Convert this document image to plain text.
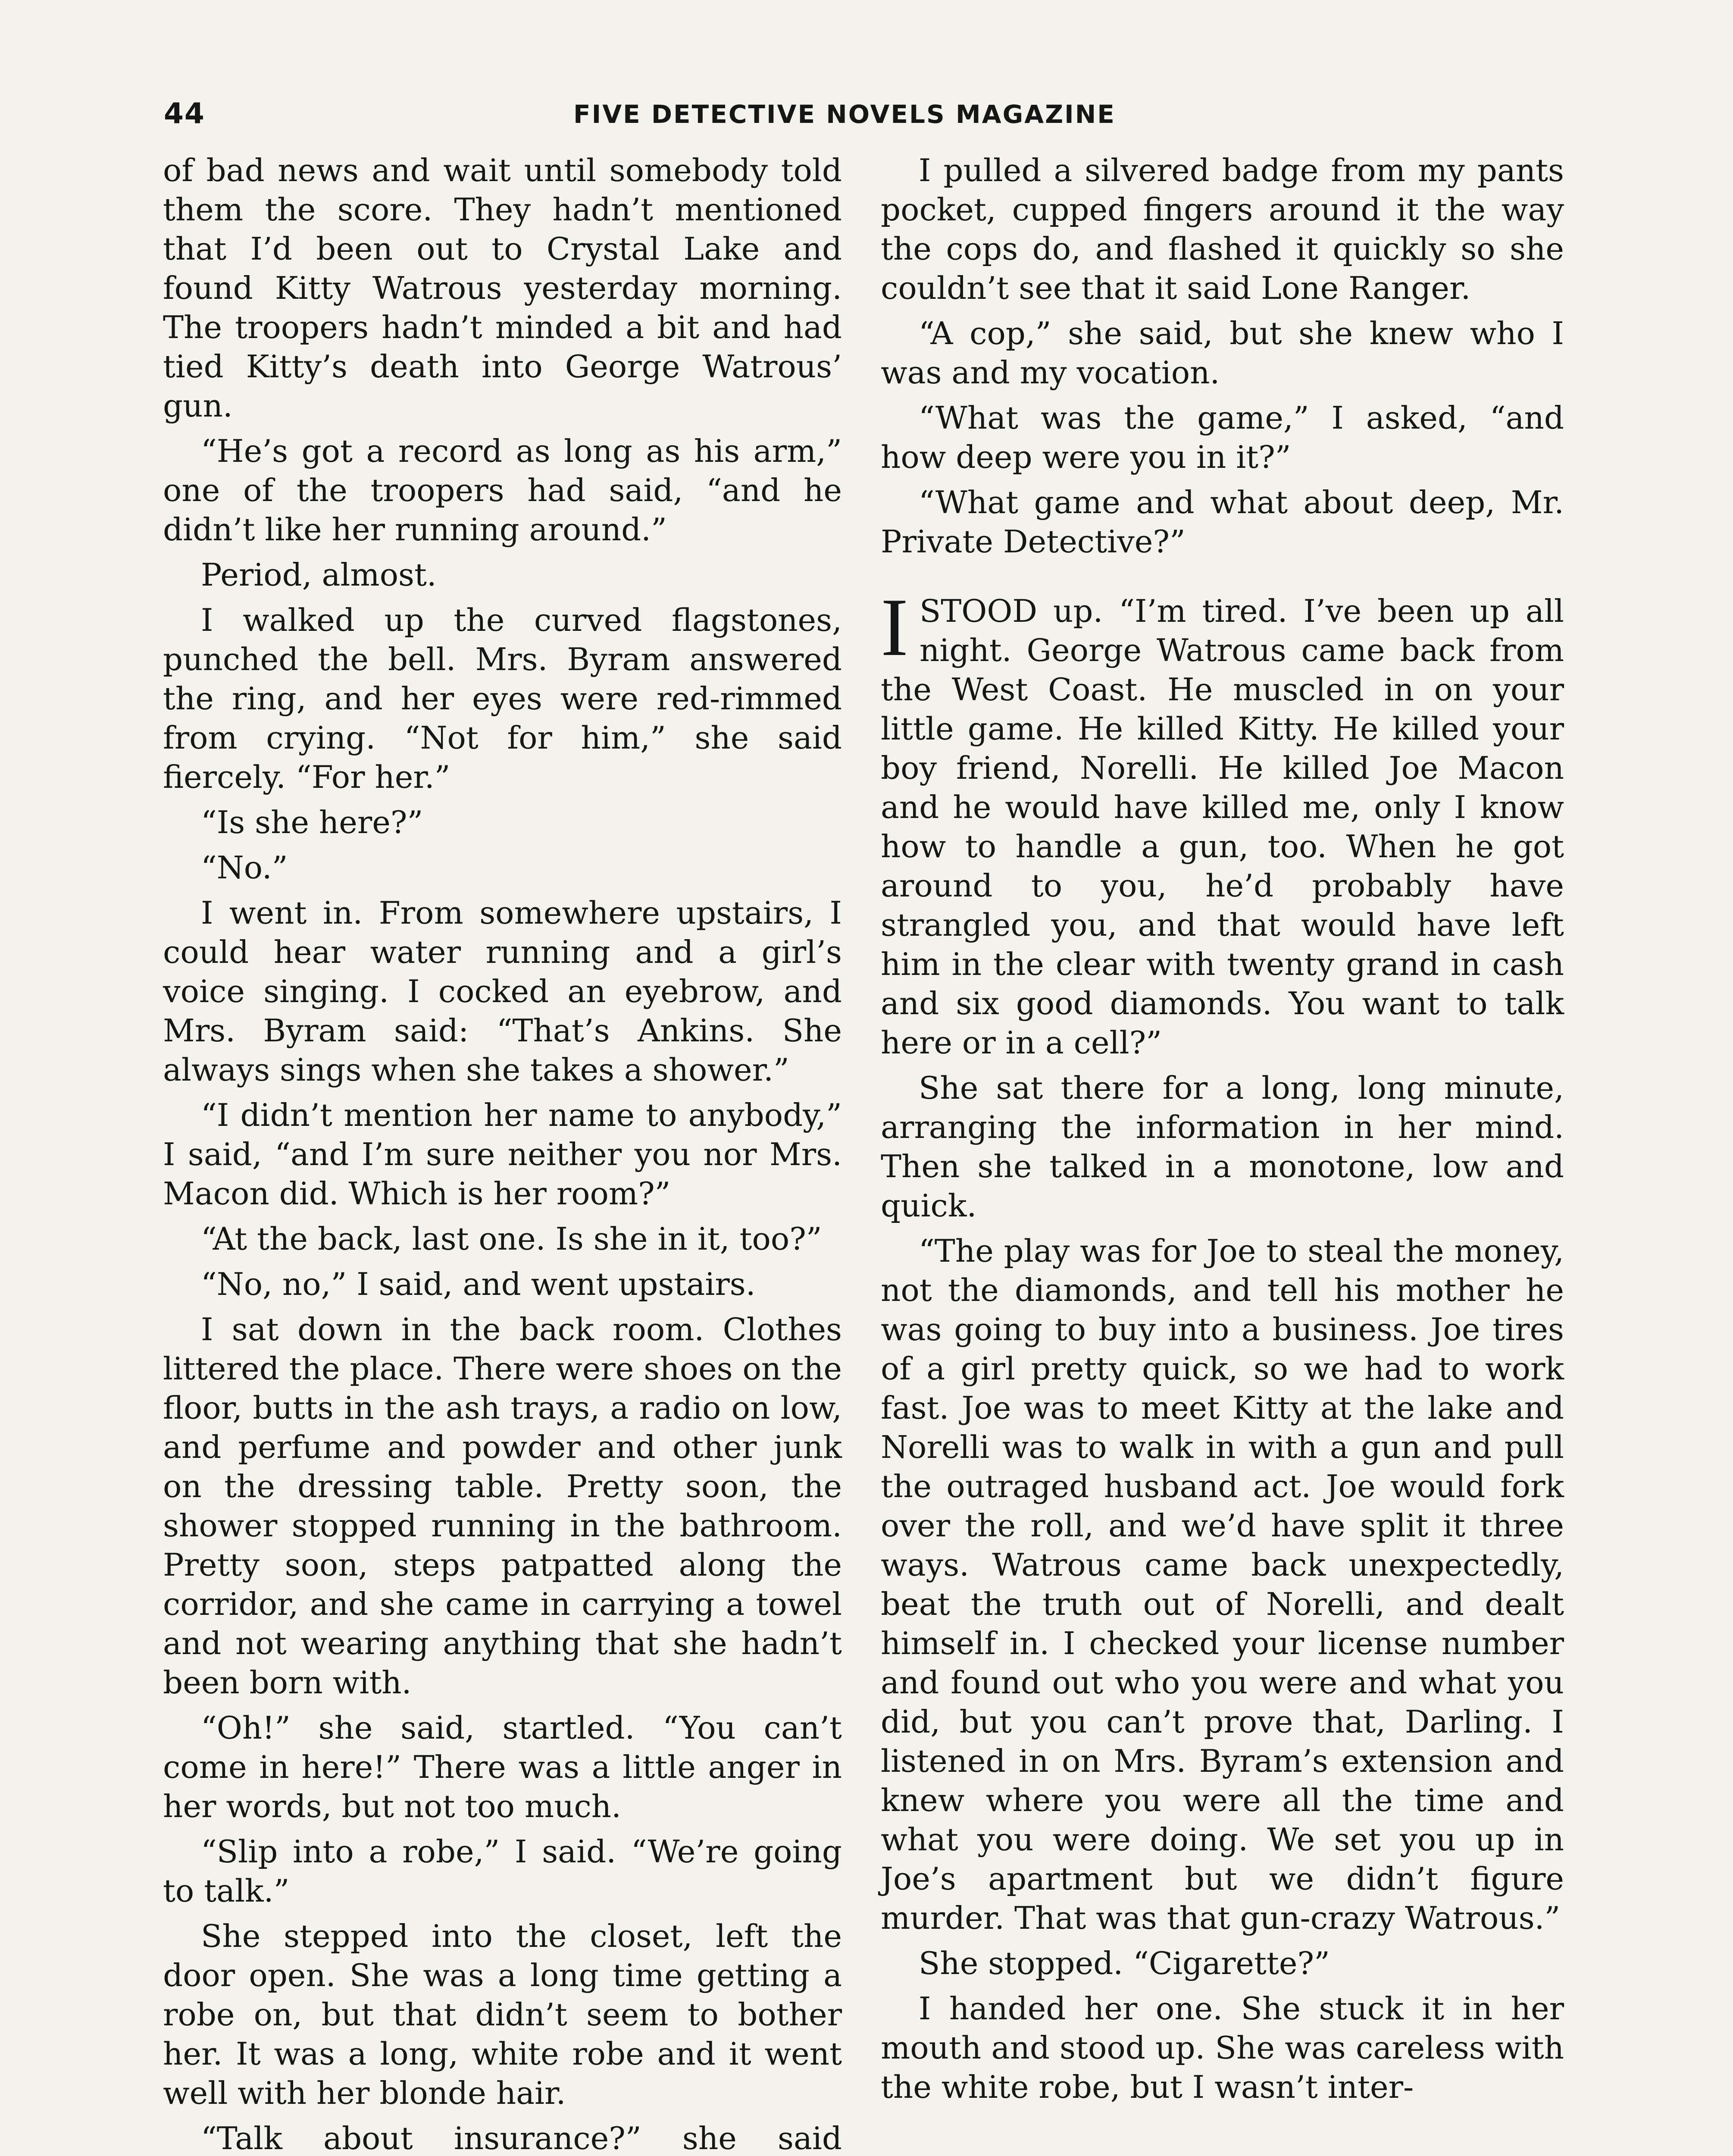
44	FIVE DETECTIVE NOVELS MAGAZINE

of bad news and wait until somebody told them the score. They hadn’t mentioned that I’d been out to Crystal Lake and found Kitty Watrous yesterday morning. The troopers hadn’t minded a bit and had tied Kitty’s death into George Watrous’ gun.

“He’s got a record as long as his arm,” one of the troopers had said, “and he didn’t like her running around.”

Period, almost.

I walked up the curved flagstones, punched the bell. Mrs. Byram answered the ring, and her eyes were red-rimmed from crying. “Not for him,” she said fiercely. “For her.”

“Is she here?”

“No.”

I went in. From somewhere upstairs, I could hear water running and a girl’s voice singing. I cocked an eyebrow, and Mrs. Byram said: “That’s Ankins. She always sings when she takes a shower.”

“I didn’t mention her name to anybody,” I said, “and I’m sure neither you nor Mrs. Macon did. Which is her room?”

“At the back, last one. Is she in it, too?”

“No, no,” I said, and went upstairs.

I sat down in the back room. Clothes littered the place. There were shoes on the floor, butts in the ash trays, a radio on low, and perfume and powder and other junk on the dressing table. Pretty soon, the shower stopped running in the bathroom. Pretty soon, steps patpatted along the corridor, and she came in carrying a towel and not wearing anything that she hadn’t been born with.

“Oh!” she said, startled. “You can’t come in here!” There was a little anger in her words, but not too much.

“Slip into a robe,” I said. “We’re going to talk.”

She stepped into the closet, left the door open. She was a long time getting a robe on, but that didn’t seem to bother her. It was a long, white robe and it went well with her blonde hair.

“Talk about insurance?” she said

I pulled a silvered badge from my pants pocket, cupped fingers around it the way the cops do, and flashed it quickly so she couldn’t see that it said Lone Ranger.

“A cop,” she said, but she knew who I was and my vocation.

“What was the game,” I asked, “and how deep were you in it?”

“What game and what about deep, Mr. Private Detective?”

I STOOD up. “I’m tired. I’ve been up all night. George Watrous came back from the West Coast. He muscled in on your little game. He killed Kitty. He killed your boy friend, Norelli. He killed Joe Macon and he would have killed me, only I know how to handle a gun, too. When he got around to you, he’d probably have strangled you, and that would have left him in the clear with twenty grand in cash and six good diamonds. You want to talk here or in a cell?”

She sat there for a long, long minute, arranging the information in her mind. Then she talked in a monotone, low and quick.

“The play was for Joe to steal the money, not the diamonds, and tell his mother he was going to buy into a business. Joe tires of a girl pretty quick, so we had to work fast. Joe was to meet Kitty at the lake and Norelli was to walk in with a gun and pull the outraged husband act. Joe would fork over the roll, and we’d have split it three ways. Watrous came back unexpectedly, beat the truth out of Norelli, and dealt himself in. I checked your license number and found out who you were and what you did, but you can’t prove that, Darling. I listened in on Mrs. Byram’s extension and knew where you were all the time and what you were doing. We set you up in Joe’s apartment but we didn’t figure murder. That was that gun-crazy Watrous.”

She stopped. “Cigarette?”

I handed her one. She stuck it in her mouth and stood up. She was careless with the white robe, but I wasn’t inter-
